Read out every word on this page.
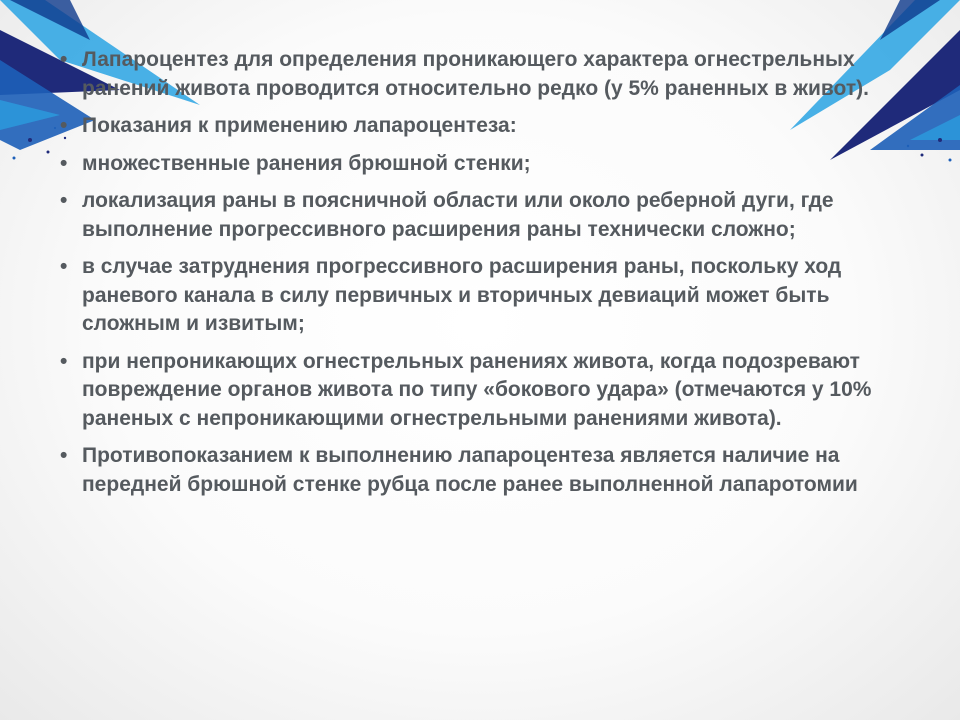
• Лапароцентез для определения проникающего характера огнестрельных ранений живота проводится относительно редко (у 5% раненных в живот).
• Показания к применению лапароцентеза:
• множественные ранения брюшной стенки;
• локализация раны в поясничной области или около реберной дуги, где выполнение прогрессивного расширения раны технически сложно;
• в случае затруднения прогрессивного расширения раны, поскольку ход раневого канала в силу первичных и вторичных девиаций может быть сложным и извитым;
• при непроникающих огнестрельных ранениях живота, когда подозревают повреждение органов живота по типу «бокового удара» (отмечаются у 10% раненых с непроникающими огнестрельными ранениями живота).
• Противопоказанием к выполнению лапароцентеза является наличие на передней брюшной стенке рубца после ранее выполненной лапаротомии
